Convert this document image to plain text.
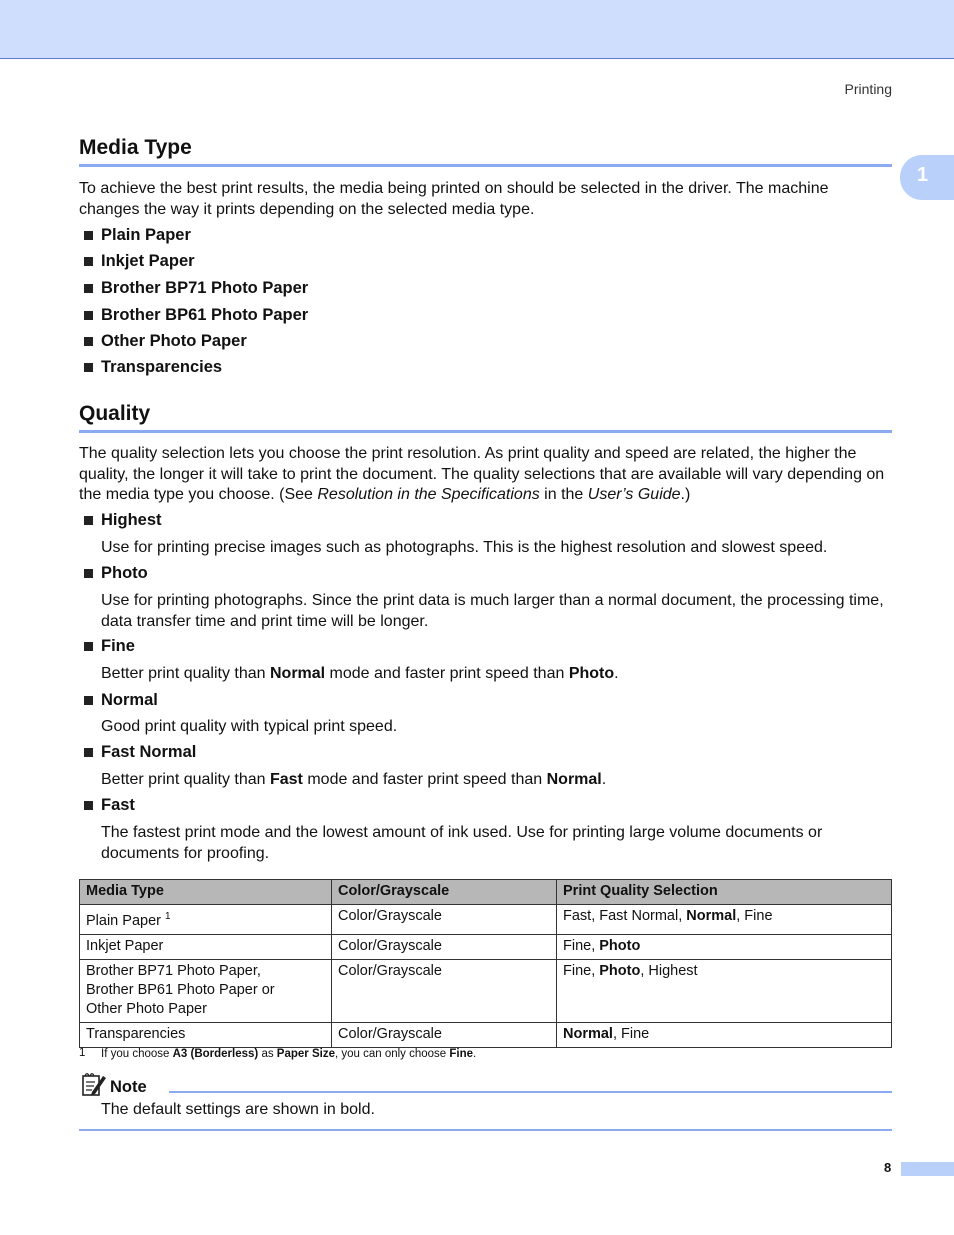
Printing
1
Media Type

To achieve the best print results, the media being printed on should be selected in the driver. The machine changes the way it prints depending on the selected media type.

Plain Paper
Inkjet Paper
Brother BP71 Photo Paper
Brother BP61 Photo Paper
Other Photo Paper
Transparencies
Quality

The quality selection lets you choose the print resolution. As print quality and speed are related, the higher the quality, the longer it will take to print the document. The quality selections that are available will vary depending on the media type you choose. (See Resolution in the Specifications in the User’s Guide.)

Highest
Use for printing precise images such as photographs. This is the highest resolution and slowest speed.
Photo
Use for printing photographs. Since the print data is much larger than a normal document, the processing time, data transfer time and print time will be longer.
Fine
Better print quality than Normal mode and faster print speed than Photo.
Normal
Good print quality with typical print speed.
Fast Normal
Better print quality than Fast mode and faster print speed than Normal.
Fast
The fastest print mode and the lowest amount of ink used. Use for printing large volume documents or documents for proofing.
Media Type	Color/Grayscale	Print Quality Selection
Plain Paper $^1$	Color/Grayscale	Fast, Fast Normal, Normal, Fine
Inkjet Paper	Color/Grayscale	Fine, Photo
Brother BP71 Photo Paper,
Brother BP61 Photo Paper or
Other Photo Paper	Color/Grayscale	Fine, Photo, Highest
Transparencies	Color/Grayscale	Normal, Fine
1 If you choose A3 (Borderless) as Paper Size, you can only choose Fine.
Note
The default settings are shown in bold.
8
